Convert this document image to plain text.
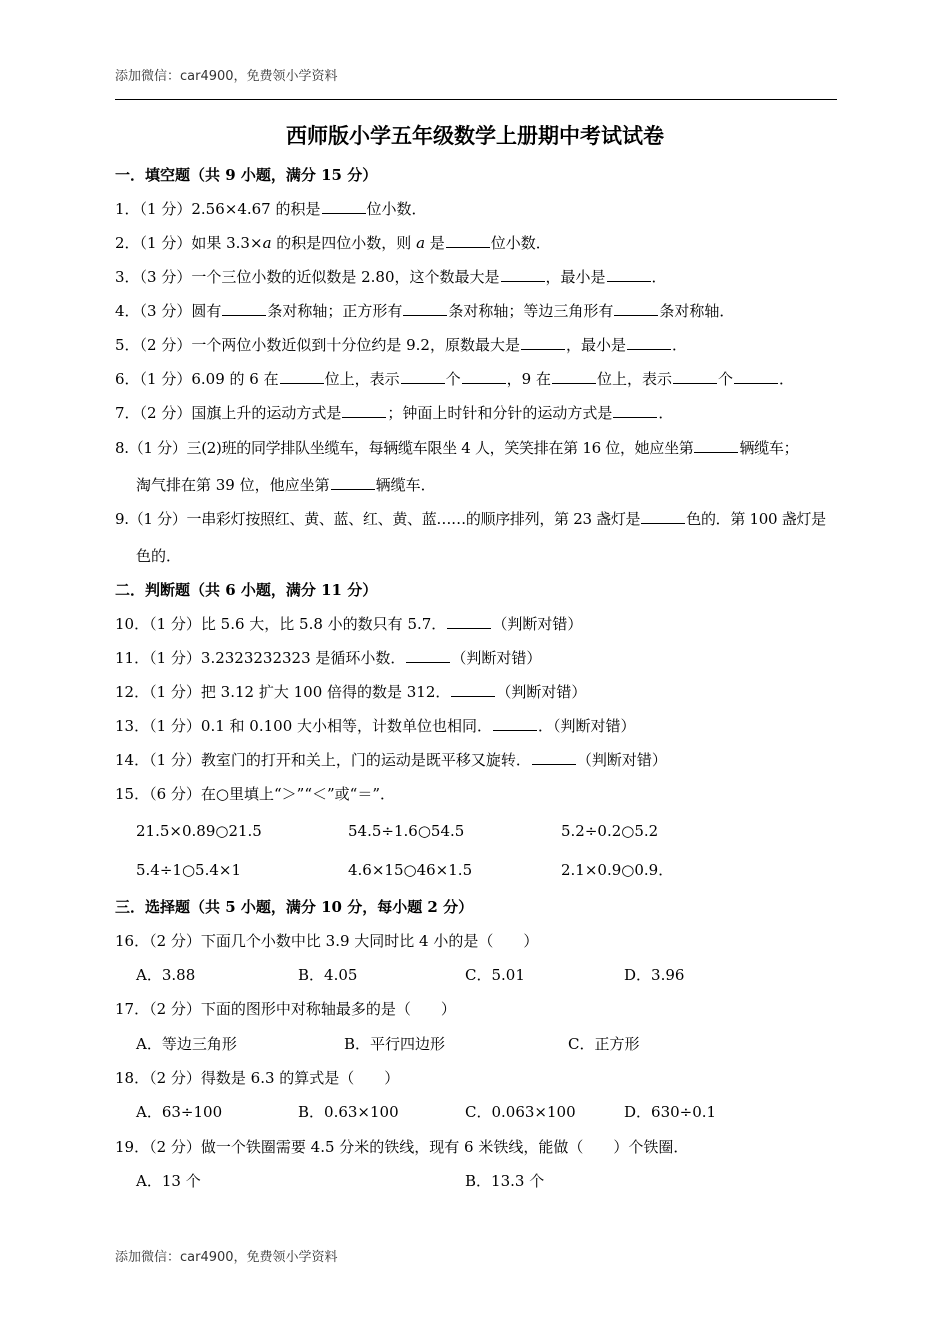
添加微信：car4900，免费领小学资料
西师版小学五年级数学上册期中考试试卷
一．填空题（共 9 小题，满分 15 分）
1．（1 分）2.56×4.67 的积是	位小数．
2．（1 分）如果 3.3×a 的积是四位小数，则 a 是	位小数．
3．（3 分）一个三位小数的近似数是 2.80，这个数最大是	，最小是	．
4．（3 分）圆有	条对称轴；正方形有	条对称轴；等边三角形有	条对称轴．
5．（2 分）一个两位小数近似到十分位约是 9.2，原数最大是	，最小是	．
6．（1 分）6.09 的 6 在	位上，表示	个	，9 在	位上，表示	个	．
7．（2 分）国旗上升的运动方式是	；钟面上时针和分针的运动方式是	．
8.（1 分）三(2)班的同学排队坐缆车，每辆缆车限坐 4 人，笑笑排在第 16 位，她应坐第	辆缆车；
淘气排在第 39 位，他应坐第	辆缆车．
9.（1 分）一串彩灯按照红、黄、蓝、红、黄、蓝……的顺序排列，第 23 盏灯是	色的．第 100 盏灯是
色的．
二．判断题（共 6 小题，满分 11 分）
10．（1 分）比 5.6 大，比 5.8 小的数只有 5.7．	（判断对错）
11．（1 分）3.2323232323 是循环小数．	（判断对错）
12．（1 分）把 3.12 扩大 100 倍得的数是 312．	（判断对错）
13．（1 分）0.1 和 0.100 大小相等，计数单位也相同．	．（判断对错）
14．（1 分）教室门的打开和关上，门的运动是既平移又旋转．	（判断对错）
15．（6 分）在○里填上“＞”“＜”或“＝”．
21.5×0.89○21.5	54.5÷1.6○54.5	5.2÷0.2○5.2
5.4÷1○5.4×1	4.6×15○46×1.5	2.1×0.9○0.9．
三．选择题（共 5 小题，满分 10 分，每小题 2 分）
16．（2 分）下面几个小数中比 3.9 大同时比 4 小的是（　　）
A．3.88	B．4.05	C．5.01	D．3.96
17．（2 分）下面的图形中对称轴最多的是（　　）
A．等边三角形	B．平行四边形	C．正方形
18．（2 分）得数是 6.3 的算式是（　　）
A．63÷100	B．0.63×100	C．0.063×100	D．630÷0.1
19．（2 分）做一个铁圈需要 4.5 分米的铁线，现有 6 米铁线，能做（　　）个铁圈．
A．13 个	B．13.3 个
添加微信：car4900，免费领小学资料
